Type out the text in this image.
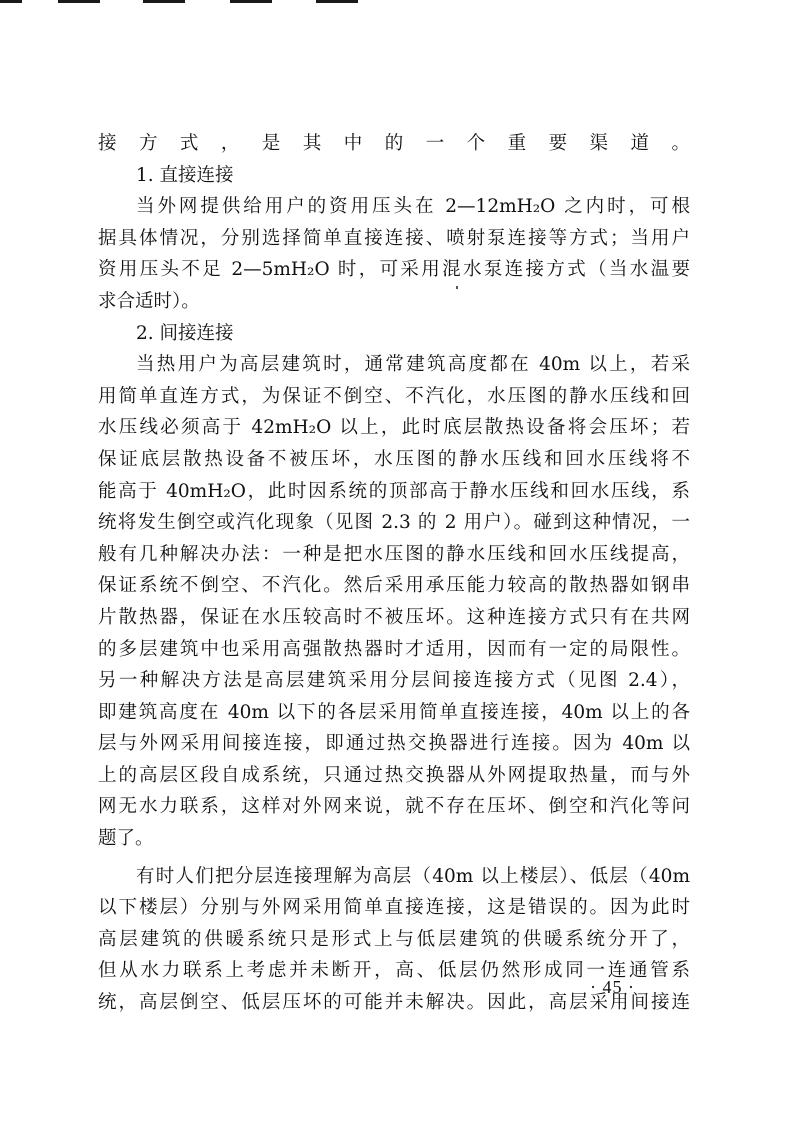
接方式，是其中的一个重要渠道。
1. 直接连接
当外网提供给用户的资用压头在 2—12mH₂O 之内时，可根
据具体情况，分别选择简单直接连接、喷射泵连接等方式；当用户
资用压头不足 2—5mH₂O 时，可采用混水泵连接方式（当水温要
求合适时）。
2. 间接连接
当热用户为高层建筑时，通常建筑高度都在 40m 以上，若采
用简单直连方式，为保证不倒空、不汽化，水压图的静水压线和回
水压线必须高于 42mH₂O 以上，此时底层散热设备将会压坏；若
保证底层散热设备不被压坏，水压图的静水压线和回水压线将不
能高于 40mH₂O，此时因系统的顶部高于静水压线和回水压线，系
统将发生倒空或汽化现象（见图 2.3 的 2 用户）。碰到这种情况，一
般有几种解决办法：一种是把水压图的静水压线和回水压线提高，
保证系统不倒空、不汽化。然后采用承压能力较高的散热器如钢串
片散热器，保证在水压较高时不被压坏。这种连接方式只有在共网
的多层建筑中也采用高强散热器时才适用，因而有一定的局限性。
另一种解决方法是高层建筑采用分层间接连接方式（见图 2.4），
即建筑高度在 40m 以下的各层采用简单直接连接，40m 以上的各
层与外网采用间接连接，即通过热交换器进行连接。因为 40m 以
上的高层区段自成系统，只通过热交换器从外网提取热量，而与外
网无水力联系，这样对外网来说，就不存在压坏、倒空和汽化等问
题了。
有时人们把分层连接理解为高层（40m 以上楼层）、低层（40m
以下楼层）分别与外网采用简单直接连接，这是错误的。因为此时
高层建筑的供暖系统只是形式上与低层建筑的供暖系统分开了，
但从水力联系上考虑并未断开，高、低层仍然形成同一连通管系
统，高层倒空、低层压坏的可能并未解决。因此，高层采用间接连
· 45 ·
